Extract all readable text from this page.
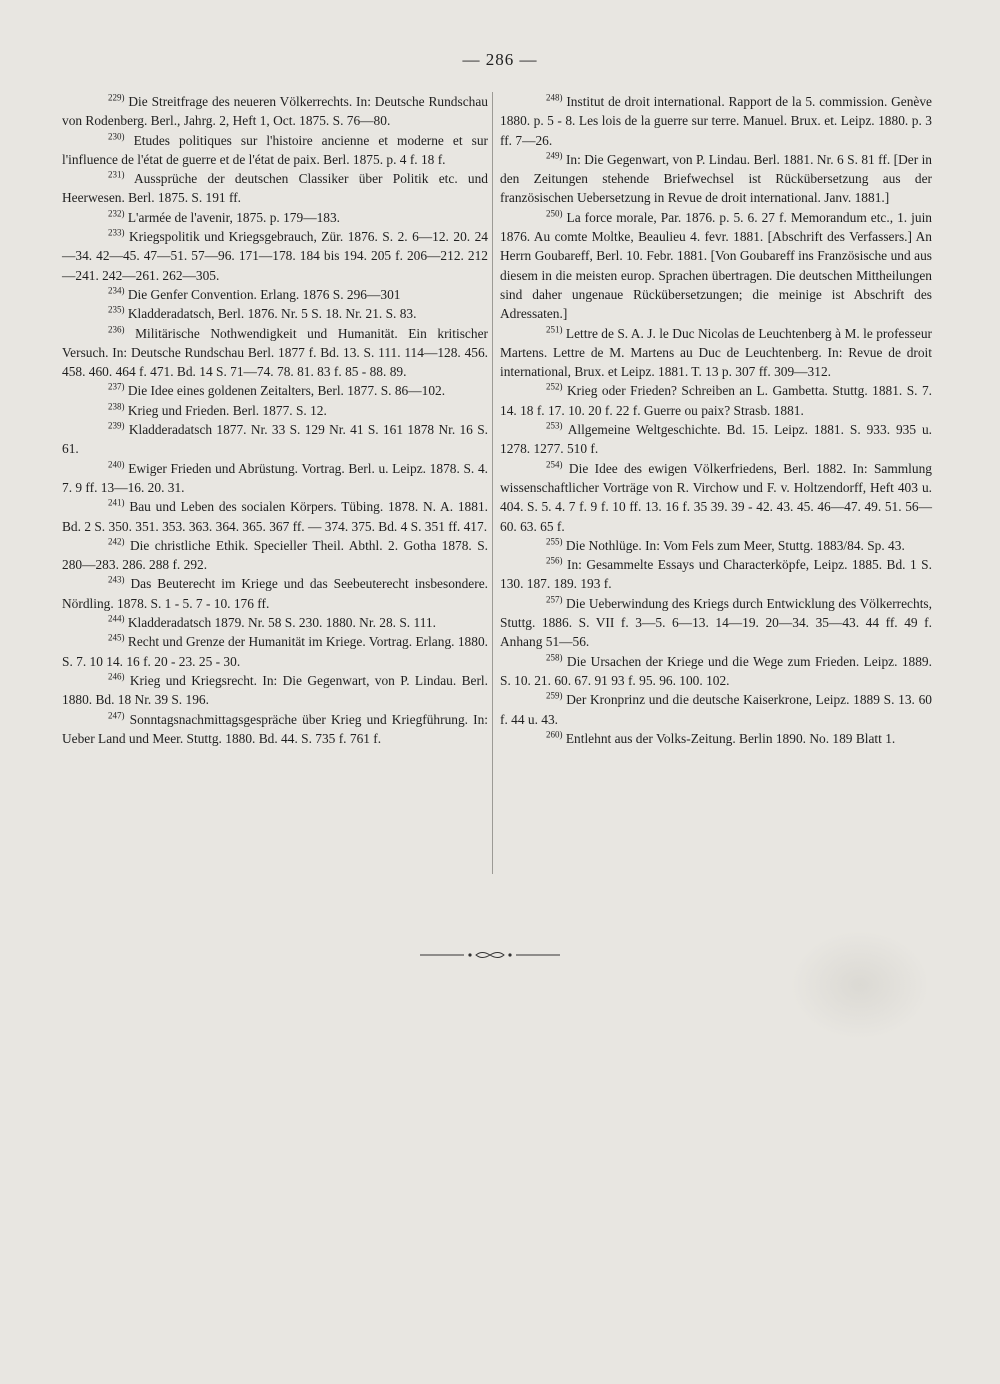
— 286 —

$^{229)}$ Die Streitfrage des neueren Völkerrechts. In: Deutsche Rundschau von Rodenberg. Berl., Jahrg. 2, Heft 1, Oct. 1875. S. 76—80.

$^{230)}$ Etudes politiques sur l'histoire ancienne et moderne et sur l'influence de l'état de guerre et de l'état de paix. Berl. 1875. p. 4 f. 18 f.

$^{231)}$ Aussprüche der deutschen Classiker über Politik etc. und Heerwesen. Berl. 1875. S. 191 ff.

$^{232)}$ L'armée de l'avenir, 1875. p. 179—183.

$^{233)}$ Kriegspolitik und Kriegsgebrauch, Zür. 1876. S. 2. 6—12. 20. 24—34. 42—45. 47—51. 57—96. 171—178. 184 bis 194. 205 f. 206—212. 212—241. 242—261. 262—305.

$^{234)}$ Die Genfer Convention. Erlang. 1876 S. 296—301

$^{235)}$ Kladderadatsch, Berl. 1876. Nr. 5 S. 18. Nr. 21. S. 83.

$^{236)}$ Militärische Nothwendigkeit und Humanität. Ein kritischer Versuch. In: Deutsche Rundschau Berl. 1877 f. Bd. 13. S. 111. 114—128. 456. 458. 460. 464 f. 471. Bd. 14 S. 71—74. 78. 81. 83 f. 85 - 88. 89.

$^{237)}$ Die Idee eines goldenen Zeitalters, Berl. 1877. S. 86—102.

$^{238)}$ Krieg und Frieden. Berl. 1877. S. 12.

$^{239)}$ Kladderadatsch 1877. Nr. 33 S. 129 Nr. 41 S. 161 1878 Nr. 16 S. 61.

$^{240)}$ Ewiger Frieden und Abrüstung. Vortrag. Berl. u. Leipz. 1878. S. 4. 7. 9 ff. 13—16. 20. 31.

$^{241)}$ Bau und Leben des socialen Körpers. Tübing. 1878. N. A. 1881. Bd. 2 S. 350. 351. 353. 363. 364. 365. 367 ff. — 374. 375. Bd. 4 S. 351 ff. 417.

$^{242)}$ Die christliche Ethik. Specieller Theil. Abthl. 2. Gotha 1878. S. 280—283. 286. 288 f. 292.

$^{243)}$ Das Beuterecht im Kriege und das Seebeuterecht insbesondere. Nördling. 1878. S. 1 - 5. 7 - 10. 176 ff.

$^{244)}$ Kladderadatsch 1879. Nr. 58 S. 230. 1880. Nr. 28. S. 111.

$^{245)}$ Recht und Grenze der Humanität im Kriege. Vortrag. Erlang. 1880. S. 7. 10 14. 16 f. 20 - 23. 25 - 30.

$^{246)}$ Krieg und Kriegsrecht. In: Die Gegenwart, von P. Lindau. Berl. 1880. Bd. 18 Nr. 39 S. 196.

$^{247)}$ Sonntagsnachmittagsgespräche über Krieg und Kriegführung. In: Ueber Land und Meer. Stuttg. 1880. Bd. 44. S. 735 f. 761 f.

$^{248)}$ Institut de droit international. Rapport de la 5. commission. Genève 1880. p. 5 - 8. Les lois de la guerre sur terre. Manuel. Brux. et. Leipz. 1880. p. 3 ff. 7—26.

$^{249)}$ In: Die Gegenwart, von P. Lindau. Berl. 1881. Nr. 6 S. 81 ff. [Der in den Zeitungen stehende Briefwechsel ist Rückübersetzung aus der französischen Uebersetzung in Revue de droit international. Janv. 1881.]

$^{250)}$ La force morale, Par. 1876. p. 5. 6. 27 f. Memorandum etc., 1. juin 1876. Au comte Moltke, Beaulieu 4. fevr. 1881. [Abschrift des Verfassers.] An Herrn Goubareff, Berl. 10. Febr. 1881. [Von Goubareff ins Französische und aus diesem in die meisten europ. Sprachen übertragen. Die deutschen Mittheilungen sind daher ungenaue Rückübersetzungen; die meinige ist Abschrift des Adressaten.]

$^{251)}$ Lettre de S. A. J. le Duc Nicolas de Leuchtenberg à M. le professeur Martens. Lettre de M. Martens au Duc de Leuchtenberg. In: Revue de droit international, Brux. et Leipz. 1881. T. 13 p. 307 ff. 309—312.

$^{252)}$ Krieg oder Frieden? Schreiben an L. Gambetta. Stuttg. 1881. S. 7. 14. 18 f. 17. 10. 20 f. 22 f. Guerre ou paix? Strasb. 1881.

$^{253)}$ Allgemeine Weltgeschichte. Bd. 15. Leipz. 1881. S. 933. 935 u. 1278. 1277. 510 f.

$^{254)}$ Die Idee des ewigen Völkerfriedens, Berl. 1882. In: Sammlung wissenschaftlicher Vorträge von R. Virchow und F. v. Holtzendorff, Heft 403 u. 404. S. 5. 4. 7 f. 9 f. 10 ff. 13. 16 f. 35 39. 39 - 42. 43. 45. 46—47. 49. 51. 56—60. 63. 65 f.

$^{255)}$ Die Nothlüge. In: Vom Fels zum Meer, Stuttg. 1883/84. Sp. 43.

$^{256)}$ In: Gesammelte Essays und Characterköpfe, Leipz. 1885. Bd. 1 S. 130. 187. 189. 193 f.

$^{257)}$ Die Ueberwindung des Kriegs durch Entwicklung des Völkerrechts, Stuttg. 1886. S. VII f. 3—5. 6—13. 14—19. 20—34. 35—43. 44 ff. 49 f. Anhang 51—56.

$^{258)}$ Die Ursachen der Kriege und die Wege zum Frieden. Leipz. 1889. S. 10. 21. 60. 67. 91 93 f. 95. 96. 100. 102.

$^{259)}$ Der Kronprinz und die deutsche Kaiserkrone, Leipz. 1889 S. 13. 60 f. 44 u. 43.

$^{260)}$ Entlehnt aus der Volks-Zeitung. Berlin 1890. No. 189 Blatt 1.
